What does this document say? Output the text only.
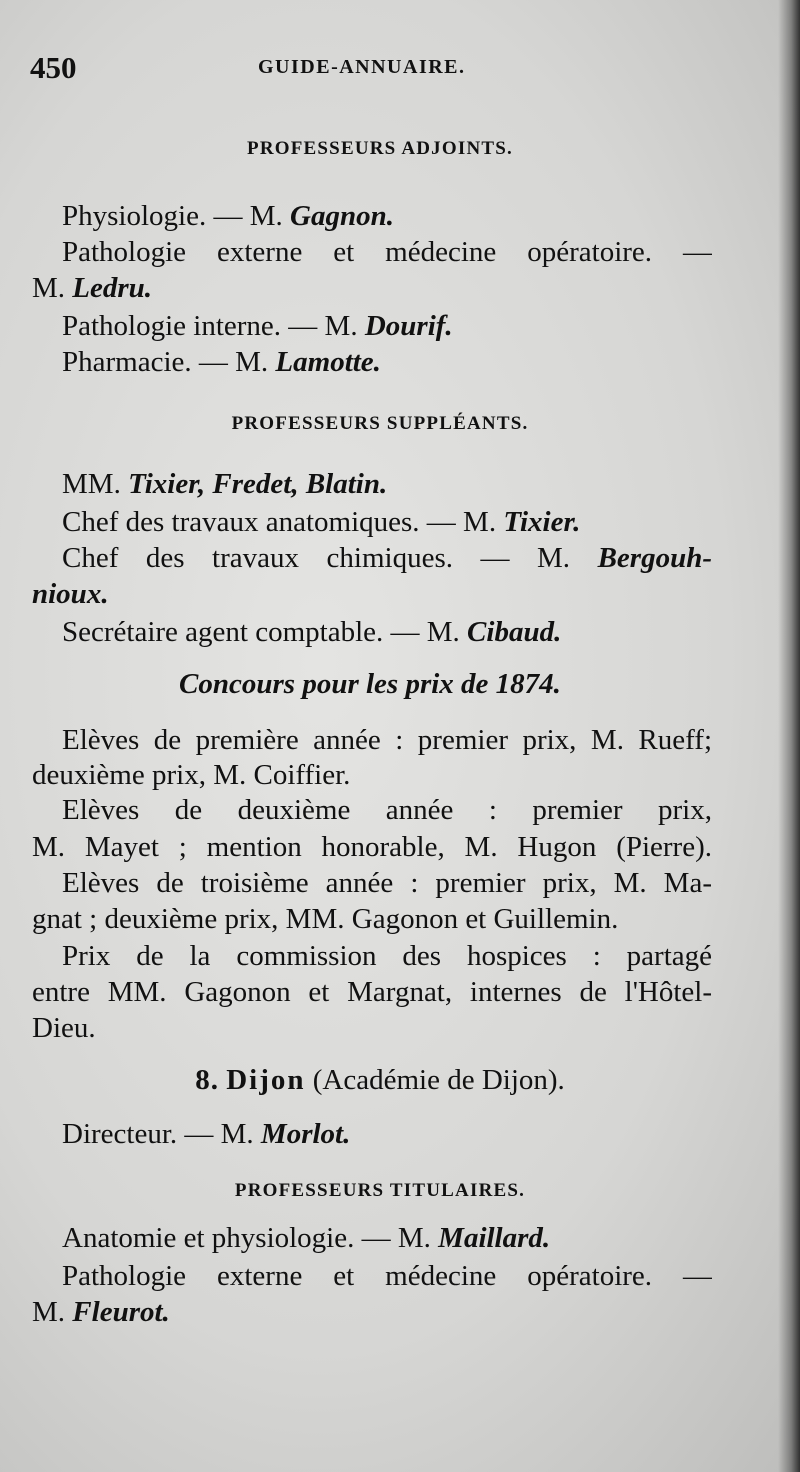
450	GUIDE-ANNUAIRE.
PROFESSEURS ADJOINTS.
Physiologie. — M. Gagnon.
Pathologie externe et médecine opératoire. —
M. Ledru.
Pathologie interne. — M. Dourif.
Pharmacie. — M. Lamotte.
PROFESSEURS SUPPLÉANTS.
MM. Tixier, Fredet, Blatin.
Chef des travaux anatomiques. — M. Tixier.
Chef des travaux chimiques. — M. Bergouh-
nioux.
Secrétaire agent comptable. — M. Cibaud.
Concours pour les prix de 1874.
Elèves de première année : premier prix, M. Rueff;
deuxième prix, M. Coiffier.
Elèves de deuxième année : premier prix,
M. Mayet ; mention honorable, M. Hugon (Pierre).
Elèves de troisième année : premier prix, M. Ma-
gnat ; deuxième prix, MM. Gagonon et Guillemin.
Prix de la commission des hospices : partagé
entre MM. Gagonon et Margnat, internes de l'Hôtel-
Dieu.
8. Dijon (Académie de Dijon).
Directeur. — M. Morlot.
PROFESSEURS TITULAIRES.
Anatomie et physiologie. — M. Maillard.
Pathologie externe et médecine opératoire. —
M. Fleurot.
